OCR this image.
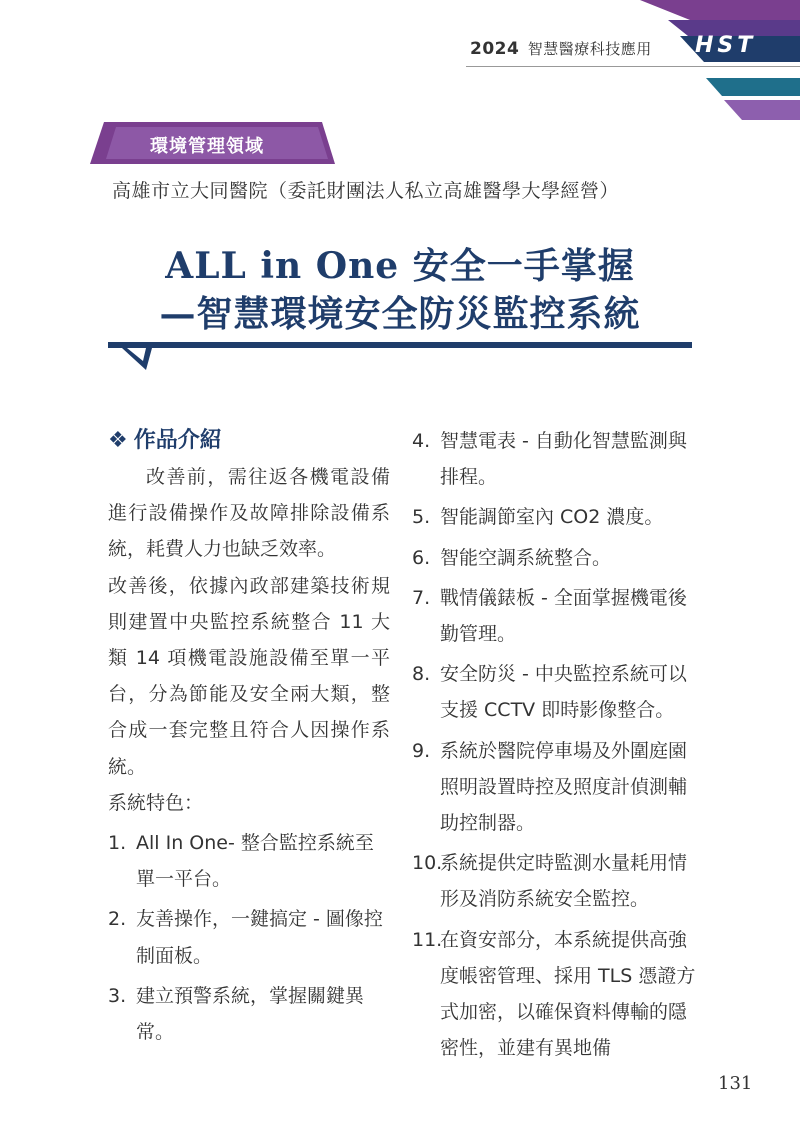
2024 智慧醫療科技應用 HST
環境管理領域
高雄市立大同醫院（委託財團法人私立高雄醫學大學經營）
ALL in One 安全一手掌握
—智慧環境安全防災監控系統
❖ 作品介紹
改善前，需往返各機電設備進行設備操作及故障排除設備系統，耗費人力也缺乏效率。
改善後，依據內政部建築技術規則建置中央監控系統整合 11 大類 14 項機電設施設備至單一平台，分為節能及安全兩大類，整合成一套完整且符合人因操作系統。
系統特色：
1. All In One- 整合監控系統至單一平台。
2. 友善操作，一鍵搞定 - 圖像控制面板。
3. 建立預警系統，掌握關鍵異常。
4. 智慧電表 - 自動化智慧監測與排程。
5. 智能調節室內 CO2 濃度。
6. 智能空調系統整合。
7. 戰情儀錶板 - 全面掌握機電後勤管理。
8. 安全防災 - 中央監控系統可以支援 CCTV 即時影像整合。
9. 系統於醫院停車場及外圍庭園照明設置時控及照度計偵測輔助控制器。
10.
系統提供定時監測水量耗用情形及消防系統安全監控。
11.
在資安部分，本系統提供高強度帳密管理、採用 TLS 憑證方式加密，以確保資料傳輸的隱密性，並建有異地備
131
